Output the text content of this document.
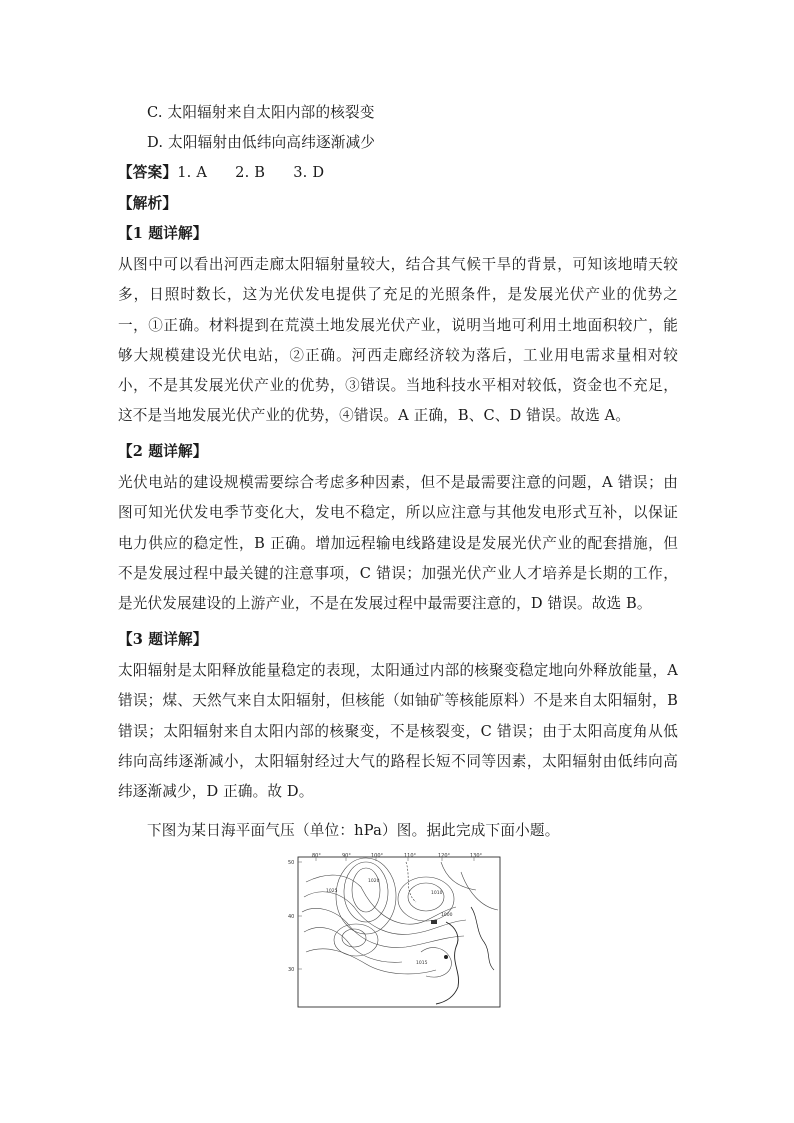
C. 太阳辐射来自太阳内部的核裂变
D. 太阳辐射由低纬向高纬逐渐减少
【答案】1. A 2. B 3. D
【解析】
【1 题详解】
从图中可以看出河西走廊太阳辐射量较大，结合其气候干旱的背景，可知该地晴天较多，日照时数长，这为光伏发电提供了充足的光照条件，是发展光伏产业的优势之一，①正确。材料提到在荒漠土地发展光伏产业，说明当地可利用土地面积较广，能够大规模建设光伏电站，②正确。河西走廊经济较为落后，工业用电需求量相对较小，不是其发展光伏产业的优势，③错误。当地科技水平相对较低，资金也不充足，这不是当地发展光伏产业的优势，④错误。A 正确，B、C、D 错误。故选 A。
【2 题详解】
光伏电站的建设规模需要综合考虑多种因素，但不是最需要注意的问题，A 错误；由图可知光伏发电季节变化大，发电不稳定，所以应注意与其他发电形式互补，以保证电力供应的稳定性，B 正确。增加远程输电线路建设是发展光伏产业的配套措施，但不是发展过程中最关键的注意事项，C 错误；加强光伏产业人才培养是长期的工作，是光伏发展建设的上游产业，不是在发展过程中最需要注意的，D 错误。故选 B。
【3 题详解】
太阳辐射是太阳释放能量稳定的表现，太阳通过内部的核聚变稳定地向外释放能量，A 错误；煤、天然气来自太阳辐射，但核能（如铀矿等核能原料）不是来自太阳辐射，B 错误；太阳辐射来自太阳内部的核聚变，不是核裂变，C 错误；由于太阳高度角从低纬向高纬逐渐减小，太阳辐射经过大气的路程长短不同等因素，太阳辐射由低纬向高纬逐渐减少，D 正确。故 D。
下图为某日海平面气压（单位：hPa）图。据此完成下面小题。
80°	90°	100°	110°	120°	130°
50
40
30
1020
1025	1010
1015
1000
